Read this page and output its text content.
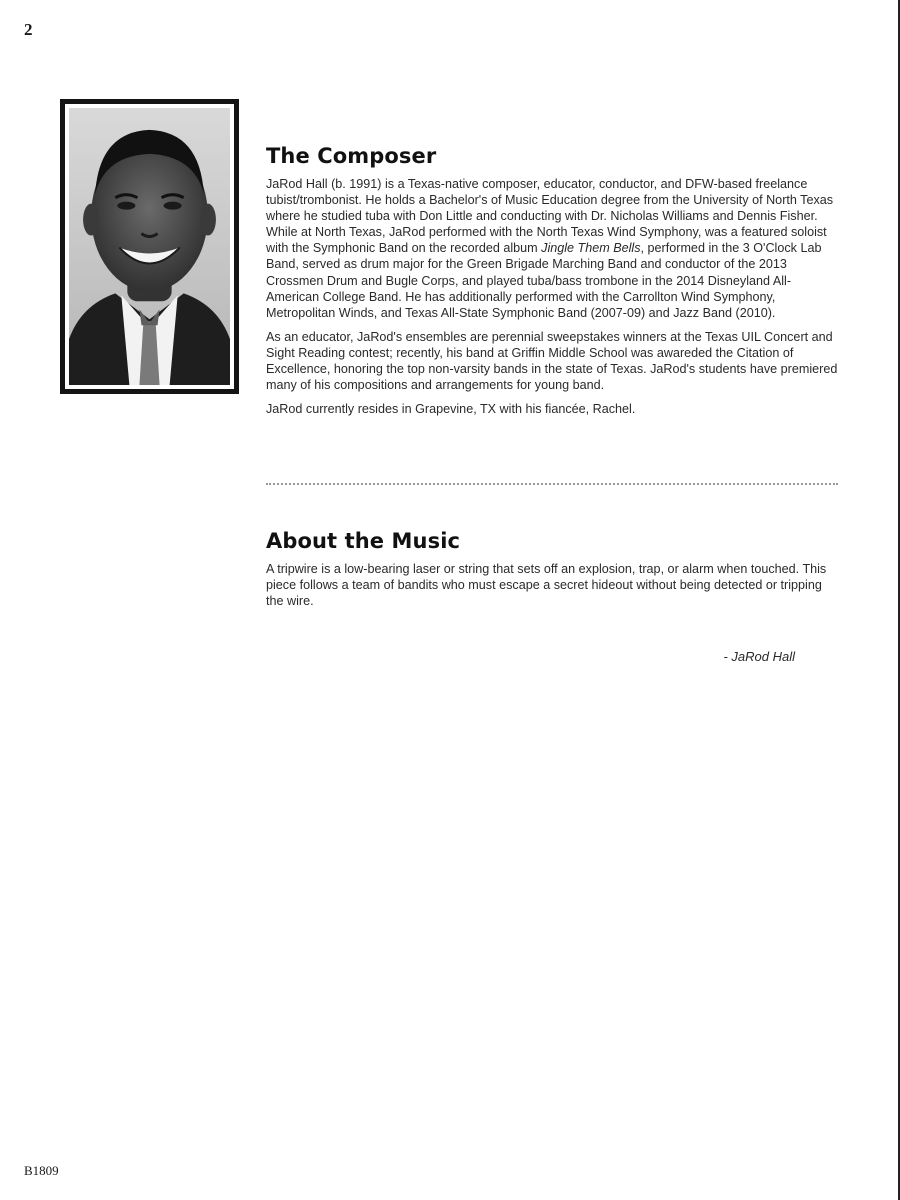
2
The Composer

JaRod Hall (b. 1991) is a Texas-native composer, educator, conductor, and DFW-based freelance tubist/trombonist. He holds a Bachelor's of Music Education degree from the University of North Texas where he studied tuba with Don Little and conducting with Dr. Nicholas Williams and Dennis Fisher. While at North Texas, JaRod performed with the North Texas Wind Symphony, was a featured soloist with the Symphonic Band on the recorded album Jingle Them Bells, performed in the 3 O'Clock Lab Band, served as drum major for the Green Brigade Marching Band and conductor of the 2013 Crossmen Drum and Bugle Corps, and played tuba/bass trombone in the 2014 Disneyland All-American College Band. He has additionally performed with the Carrollton Wind Symphony, Metropolitan Winds, and Texas All-State Symphonic Band (2007-09) and Jazz Band (2010).

As an educator, JaRod's ensembles are perennial sweepstakes winners at the Texas UIL Concert and Sight Reading contest; recently, his band at Griffin Middle School was awareded the Citation of Excellence, honoring the top non-varsity bands in the state of Texas. JaRod's students have premiered many of his compositions and arrangements for young band.

JaRod currently resides in Grapevine, TX with his fiancée, Rachel.

About the Music

A tripwire is a low-bearing laser or string that sets off an explosion, trap, or alarm when touched. This piece follows a team of bandits who must escape a secret hideout without being detected or tripping the wire.

- JaRod Hall
B1809
